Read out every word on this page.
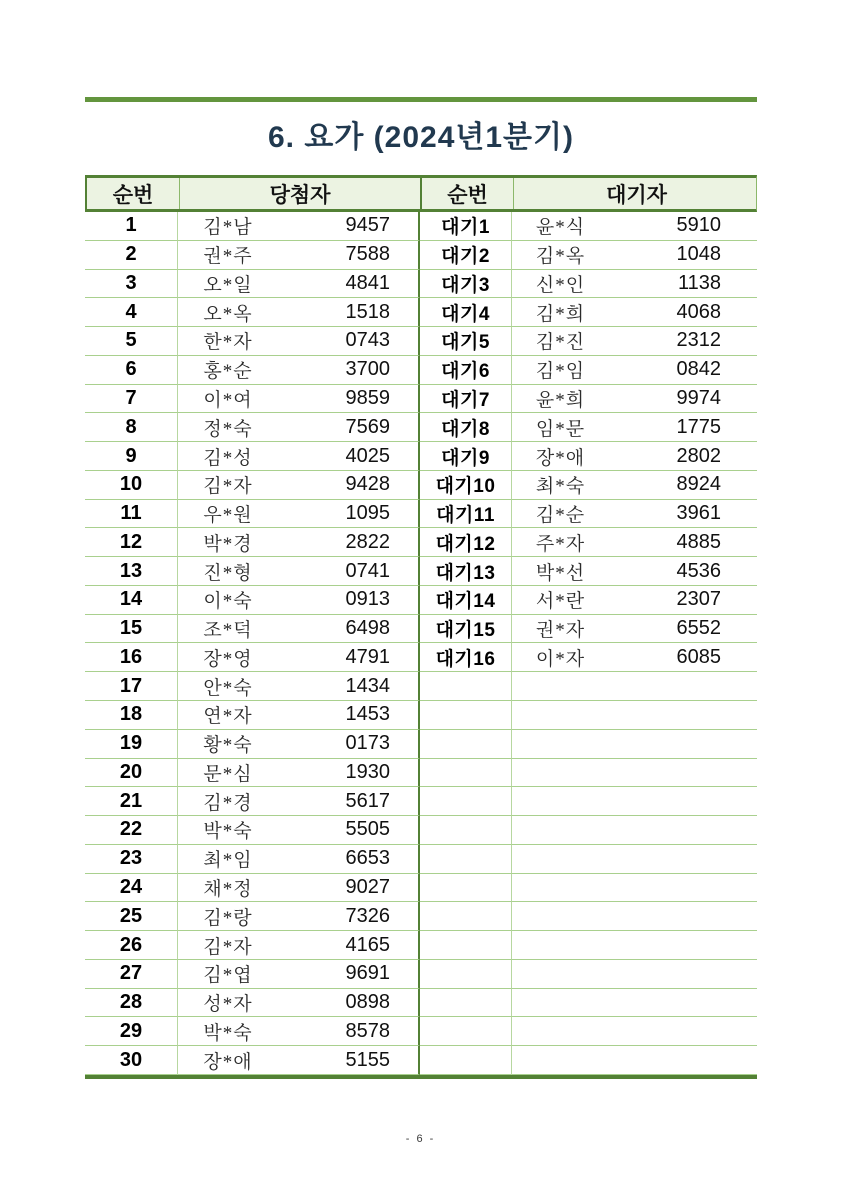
6. 요가 (2024년1분기)
순번	당첨자	순번	대기자
1	김*남	9457	대기1	윤*식	5910
2	권*주	7588	대기2	김*옥	1048
3	오*일	4841	대기3	신*인	1138
4	오*옥	1518	대기4	김*희	4068
5	한*자	0743	대기5	김*진	2312
6	홍*순	3700	대기6	김*임	0842
7	이*여	9859	대기7	윤*희	9974
8	정*숙	7569	대기8	임*문	1775
9	김*성	4025	대기9	장*애	2802
10	김*자	9428	대기10	최*숙	8924
11	우*원	1095	대기11	김*순	3961
12	박*경	2822	대기12	주*자	4885
13	진*형	0741	대기13	박*선	4536
14	이*숙	0913	대기14	서*란	2307
15	조*덕	6498	대기15	권*자	6552
16	장*영	4791	대기16	이*자	6085
17	안*숙	1434
18	연*자	1453
19	황*숙	0173
20	문*심	1930
21	김*경	5617
22	박*숙	5505
23	최*임	6653
24	채*정	9027
25	김*랑	7326
26	김*자	4165
27	김*엽	9691
28	성*자	0898
29	박*숙	8578
30	장*애	5155
- 6 -
